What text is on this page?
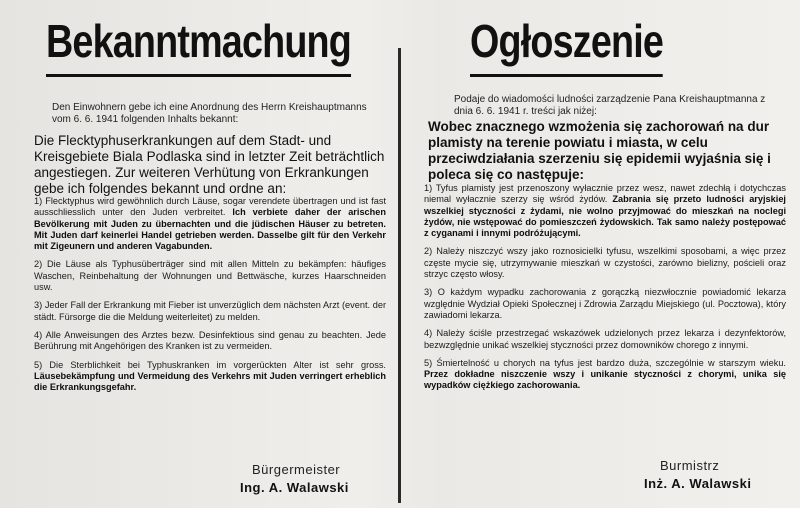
Bekanntmachung

Den Einwohnern gebe ich eine Anordnung des Herrn Kreishauptmanns vom 6. 6. 1941 folgenden Inhalts bekannt:

Die Flecktyphuserkrankungen auf dem Stadt- und Kreisgebiete Biala Podlaska sind in letzter Zeit beträchtlich angestiegen. Zur weiteren Verhütung von Erkrankungen gebe ich folgendes bekannt und ordne an:

1) Flecktyphus wird gewöhnlich durch Läuse, sogar verendete übertragen und ist fast ausschliesslich unter den Juden verbreitet. Ich verbiete daher der arischen Bevölkerung mit Juden zu übernachten und die jüdischen Häuser zu betreten. Mit Juden darf keinerlei Handel getrieben werden. Dasselbe gilt für den Verkehr mit Zigeunern und anderen Vagabunden.

2) Die Läuse als Typhusüberträger sind mit allen Mitteln zu bekämpfen: häufiges Waschen, Reinbehaltung der Wohnungen und Bettwäsche, kurzes Haarschneiden usw.

3) Jeder Fall der Erkrankung mit Fieber ist unverzüglich dem nächsten Arzt (event. der städt. Fürsorge die die Meldung weiterleitet) zu melden.

4) Alle Anweisungen des Arztes bezw. Desinfektious sind genau zu beachten. Jede Berührung mit Angehörigen des Kranken ist zu vermeiden.

5) Die Sterblichkeit bei Typhuskranken im vorgerückten Alter ist sehr gross. Läusebekämpfung und Vermeidung des Verkehrs mit Juden verringert erheblich die Erkrankungsgefahr.

Bürgermeister
Ing. A. Walawski
Ogłoszenie

Podaje do wiadomości ludności zarządzenie Pana Kreishauptmanna z dnia 6. 6. 1941 r. treści jak niżej:

Wobec znacznego wzmożenia się zachorowań na dur plamisty na terenie powiatu i miasta, w celu przeciwdziałania szerzeniu się epidemii wyjaśnia się i poleca się co następuje:

1) Tyfus plamisty jest przenoszony wyłacznie przez wesz, nawet zdechłą i dotychczas niemal wyłacznie szerzy się wśród żydów. Zabrania się przeto ludności aryjskiej wszelkiej styczności z żydami, nie wolno przyjmować do mieszkań na noclegi żydów, nie wstępować do pomieszczeń żydowskich. Tak samo należy postępować z cyganami i innymi podróżującymi.

2) Należy niszczyć wszy jako roznosicielki tyfusu, wszelkimi sposobami, a więc przez częste mycie się, utrzymywanie mieszkań w czystości, zarówno bielizny, pościeli oraz strzyc często włosy.

3) O każdym wypadku zachorowania z gorączką niezwłocznie powiadomić lekarza względnie Wydział Opieki Społecznej i Zdrowia Zarządu Miejskiego (ul. Pocztowa), który zawiadomi lekarza.

4) Należy ściśle przestrzegać wskazówek udzielonych przez lekarza i dezynfektorów, bezwzględnie unikać wszelkiej styczności przez domowników chorego z innymi.

5) Śmiertelność u chorych na tyfus jest bardzo duża, szczególnie w starszym wieku. Przez dokładne niszczenie wszy i unikanie styczności z chorymi, unika się wypadków ciężkiego zachorowania.

Burmistrz
Inż. A. Walawski
